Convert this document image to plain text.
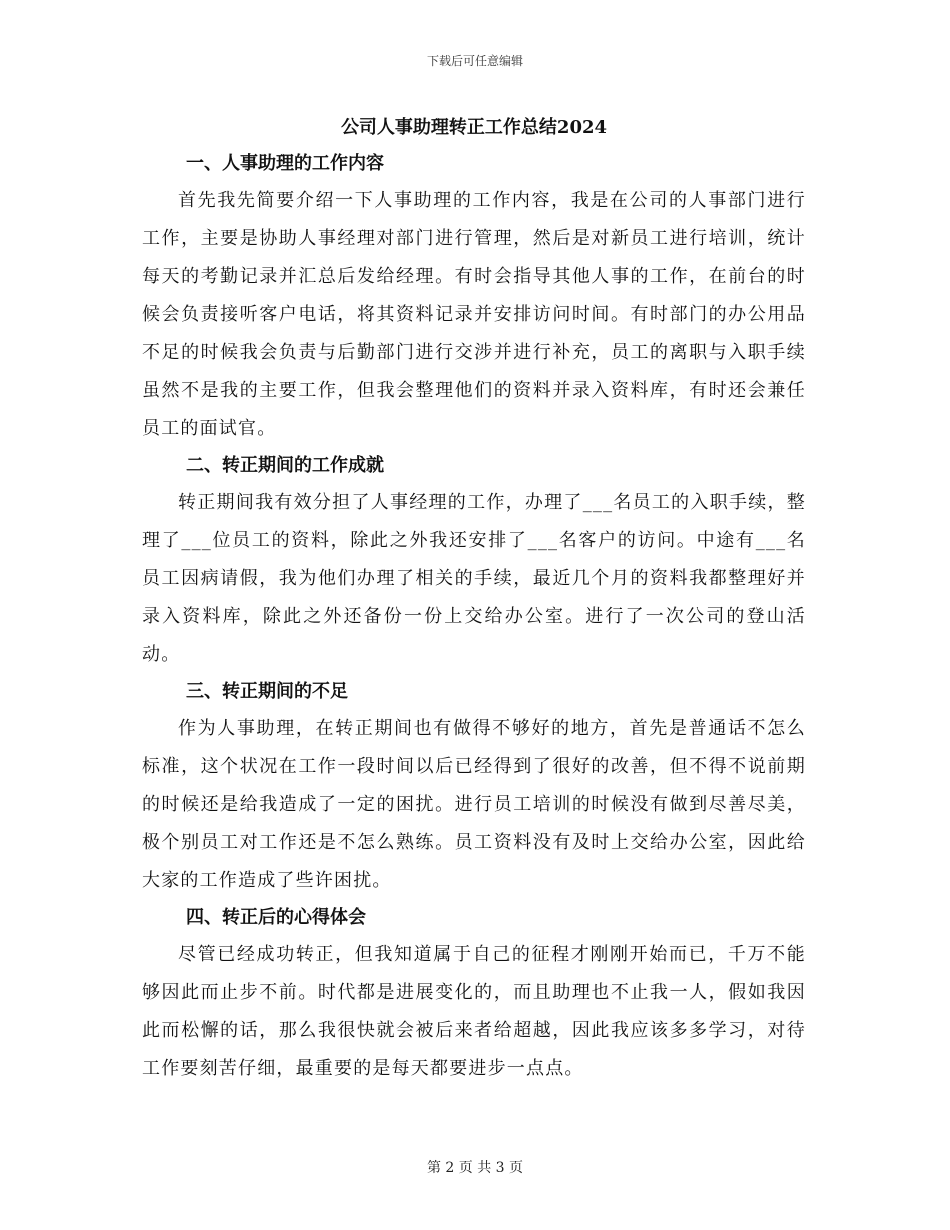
下载后可任意编辑
公司人事助理转正工作总结2024
一、人事助理的工作内容

首先我先简要介绍一下人事助理的工作内容，我是在公司的人事部门进行工作，主要是协助人事经理对部门进行管理，然后是对新员工进行培训，统计每天的考勤记录并汇总后发给经理。有时会指导其他人事的工作，在前台的时候会负责接听客户电话，将其资料记录并安排访问时间。有时部门的办公用品不足的时候我会负责与后勤部门进行交涉并进行补充，员工的离职与入职手续虽然不是我的主要工作，但我会整理他们的资料并录入资料库，有时还会兼任员工的面试官。

二、转正期间的工作成就

转正期间我有效分担了人事经理的工作，办理了___名员工的入职手续，整理了___位员工的资料，除此之外我还安排了___名客户的访问。中途有___名员工因病请假，我为他们办理了相关的手续，最近几个月的资料我都整理好并录入资料库，除此之外还备份一份上交给办公室。进行了一次公司的登山活动。

三、转正期间的不足

作为人事助理，在转正期间也有做得不够好的地方，首先是普通话不怎么标准，这个状况在工作一段时间以后已经得到了很好的改善，但不得不说前期的时候还是给我造成了一定的困扰。进行员工培训的时候没有做到尽善尽美，极个别员工对工作还是不怎么熟练。员工资料没有及时上交给办公室，因此给大家的工作造成了些许困扰。

四、转正后的心得体会

尽管已经成功转正，但我知道属于自己的征程才刚刚开始而已，千万不能够因此而止步不前。时代都是进展变化的，而且助理也不止我一人，假如我因此而松懈的话，那么我很快就会被后来者给超越，因此我应该多多学习，对待工作要刻苦仔细，最重要的是每天都要进步一点点。

第 2 页 共 3 页
